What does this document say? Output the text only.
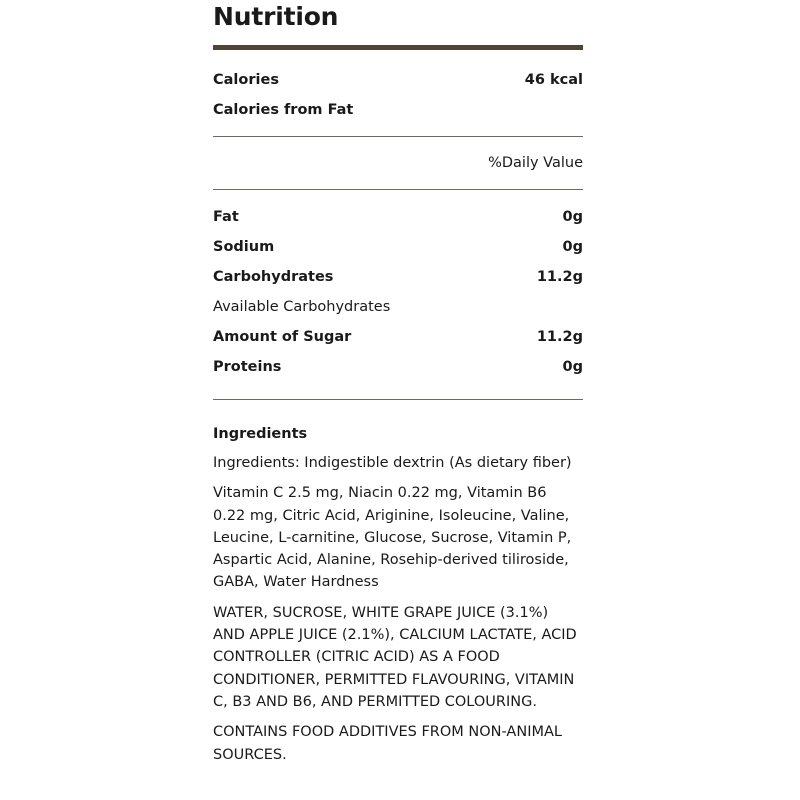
Nutrition
Calories	46 kcal
Calories from Fat
%Daily Value
Fat	0g
Sodium	0g
Carbohydrates	11.2g
Available Carbohydrates
Amount of Sugar	11.2g
Proteins	0g
Ingredients

Ingredients: Indigestible dextrin (As dietary fiber)

Vitamin C 2.5 mg, Niacin 0.22 mg, Vitamin B6 0.22 mg, Citric Acid, Ariginine, Isoleucine, Valine, Leucine, L-carnitine, Glucose, Sucrose, Vitamin P, Aspartic Acid, Alanine, Rosehip-derived tiliroside, GABA, Water Hardness

WATER, SUCROSE, WHITE GRAPE JUICE (3.1%) AND APPLE JUICE (2.1%), CALCIUM LACTATE, ACID CONTROLLER (CITRIC ACID) AS A FOOD CONDITIONER, PERMITTED FLAVOURING, VITAMIN C, B3 AND B6, AND PERMITTED COLOURING.

CONTAINS FOOD ADDITIVES FROM NON-ANIMAL SOURCES.
